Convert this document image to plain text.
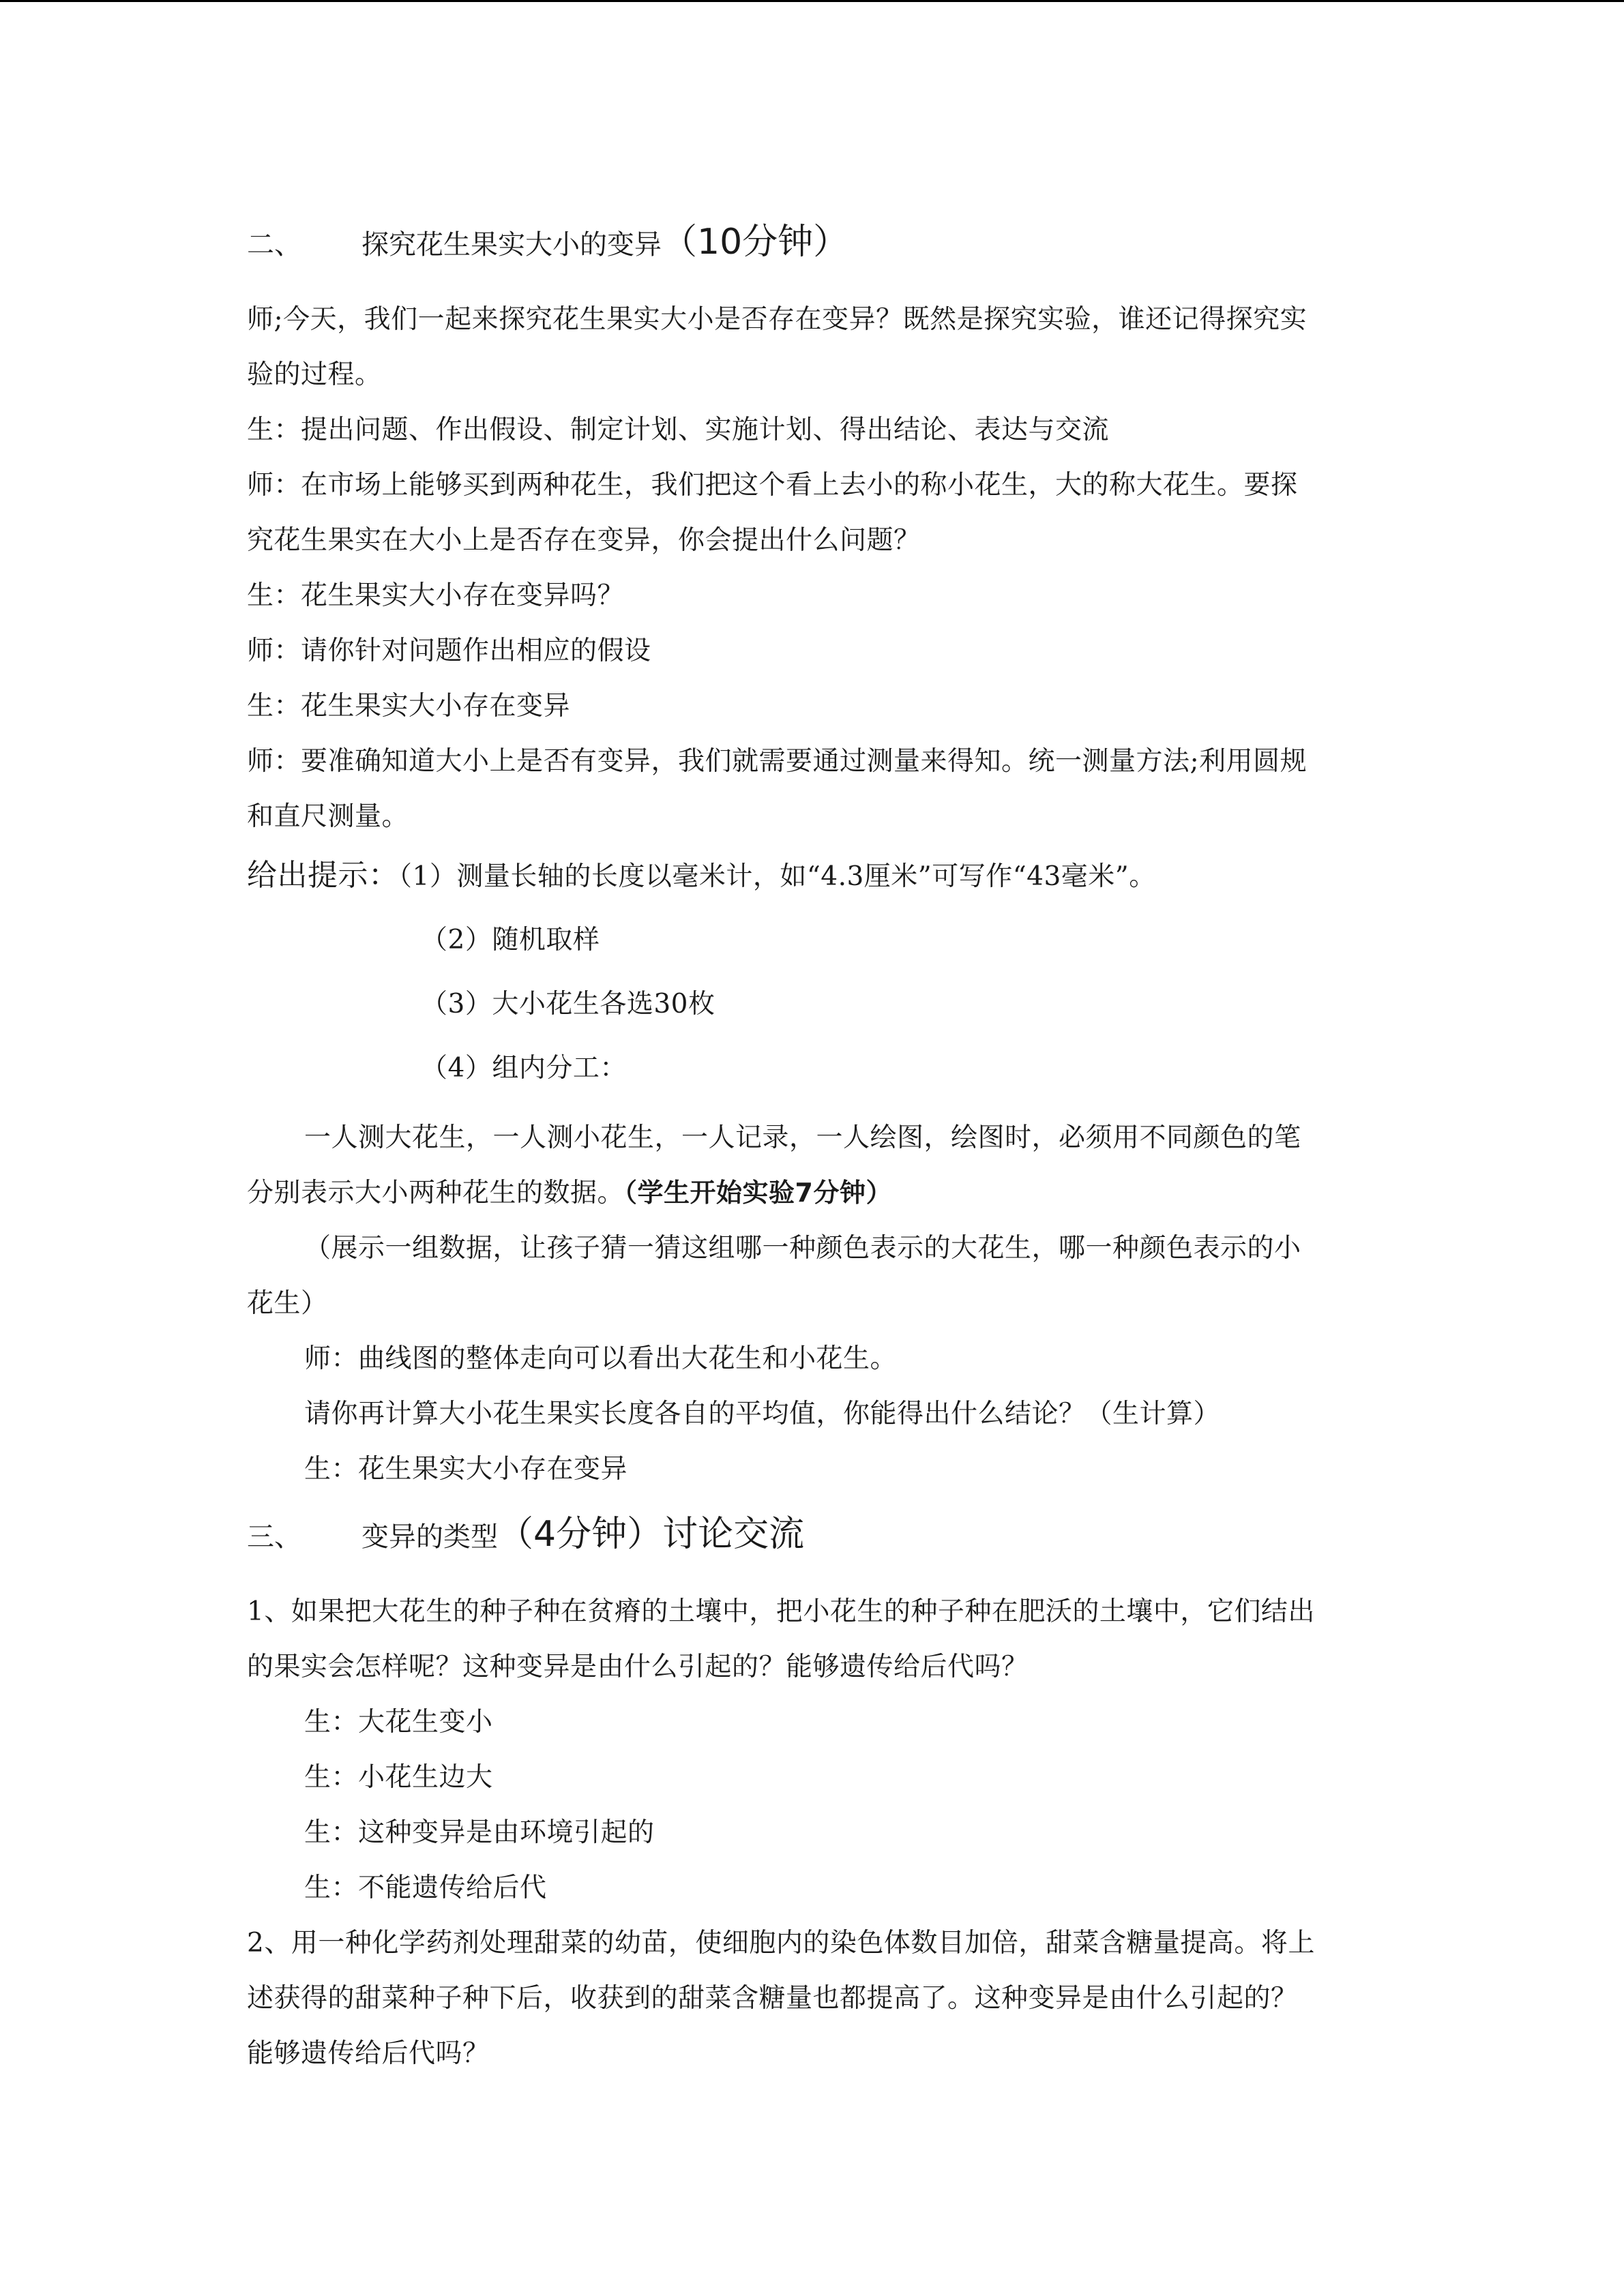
二、 探究花生果实大小的变异（10分钟）
师;今天，我们一起来探究花生果实大小是否存在变异？既然是探究实验，谁还记得探究实
验的过程。
生：提出问题、作出假设、制定计划、实施计划、得出结论、表达与交流
师：在市场上能够买到两种花生，我们把这个看上去小的称小花生，大的称大花生。要探
究花生果实在大小上是否存在变异，你会提出什么问题？
生：花生果实大小存在变异吗？
师：请你针对问题作出相应的假设
生：花生果实大小存在变异
师：要准确知道大小上是否有变异，我们就需要通过测量来得知。统一测量方法;利用圆规
和直尺测量。
给出提示：（1）测量长轴的长度以毫米计，如“4.3厘米”可写作“43毫米”。
（2）随机取样
（3）大小花生各选30枚
（4）组内分工：
一人测大花生，一人测小花生，一人记录，一人绘图，绘图时，必须用不同颜色的笔
分别表示大小两种花生的数据。（学生开始实验7分钟）
（展示一组数据，让孩子猜一猜这组哪一种颜色表示的大花生，哪一种颜色表示的小
花生）
师：曲线图的整体走向可以看出大花生和小花生。
请你再计算大小花生果实长度各自的平均值，你能得出什么结论？（生计算）
生：花生果实大小存在变异
三、 变异的类型（4分钟）讨论交流
1、如果把大花生的种子种在贫瘠的土壤中，把小花生的种子种在肥沃的土壤中，它们结出
的果实会怎样呢？这种变异是由什么引起的？能够遗传给后代吗？
生：大花生变小
生：小花生边大
生：这种变异是由环境引起的
生：不能遗传给后代
2、用一种化学药剂处理甜菜的幼苗，使细胞内的染色体数目加倍，甜菜含糖量提高。将上
述获得的甜菜种子种下后，收获到的甜菜含糖量也都提高了。这种变异是由什么引起的？
能够遗传给后代吗？
